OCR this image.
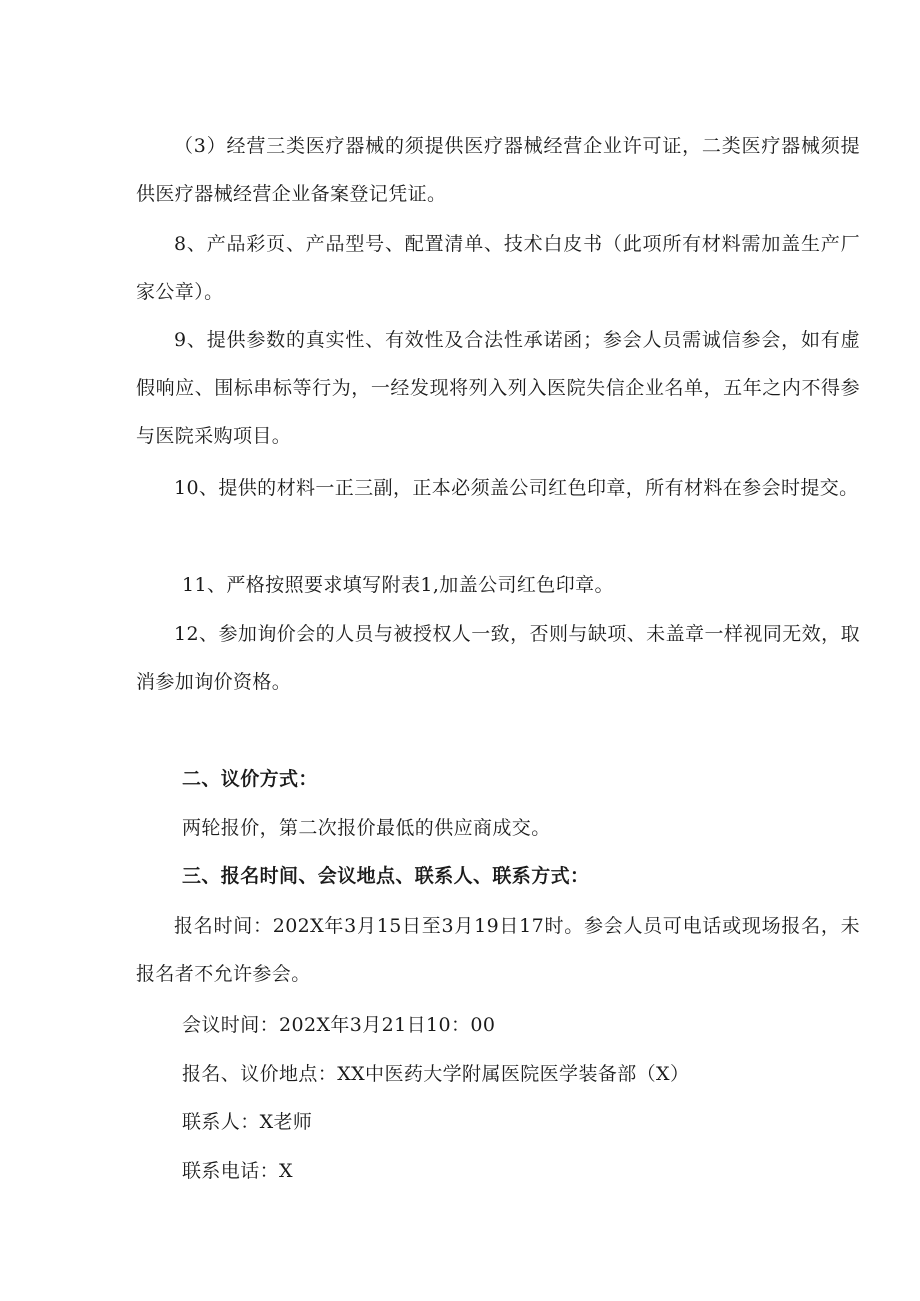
（3）经营三类医疗器械的须提供医疗器械经营企业许可证，二类医疗器械须提供医疗器械经营企业备案登记凭证。

8、产品彩页、产品型号、配置清单、技术白皮书（此项所有材料需加盖生产厂家公章）。

9、提供参数的真实性、有效性及合法性承诺函；参会人员需诚信参会，如有虚假响应、围标串标等行为，一经发现将列入列入医院失信企业名单，五年之内不得参与医院采购项目。

10、提供的材料一正三副，正本必须盖公司红色印章，所有材料在参会时提交。

11、严格按照要求填写附表1,加盖公司红色印章。

12、参加询价会的人员与被授权人一致，否则与缺项、未盖章一样视同无效，取消参加询价资格。

二、议价方式：

两轮报价，第二次报价最低的供应商成交。

三、报名时间、会议地点、联系人、联系方式：

报名时间：202X年3月15日至3月19日17时。参会人员可电话或现场报名，未报名者不允许参会。

会议时间：202X年3月21日10：00

报名、议价地点：XX中医药大学附属医院医学装备部（X）

联系人：X老师

联系电话：X
